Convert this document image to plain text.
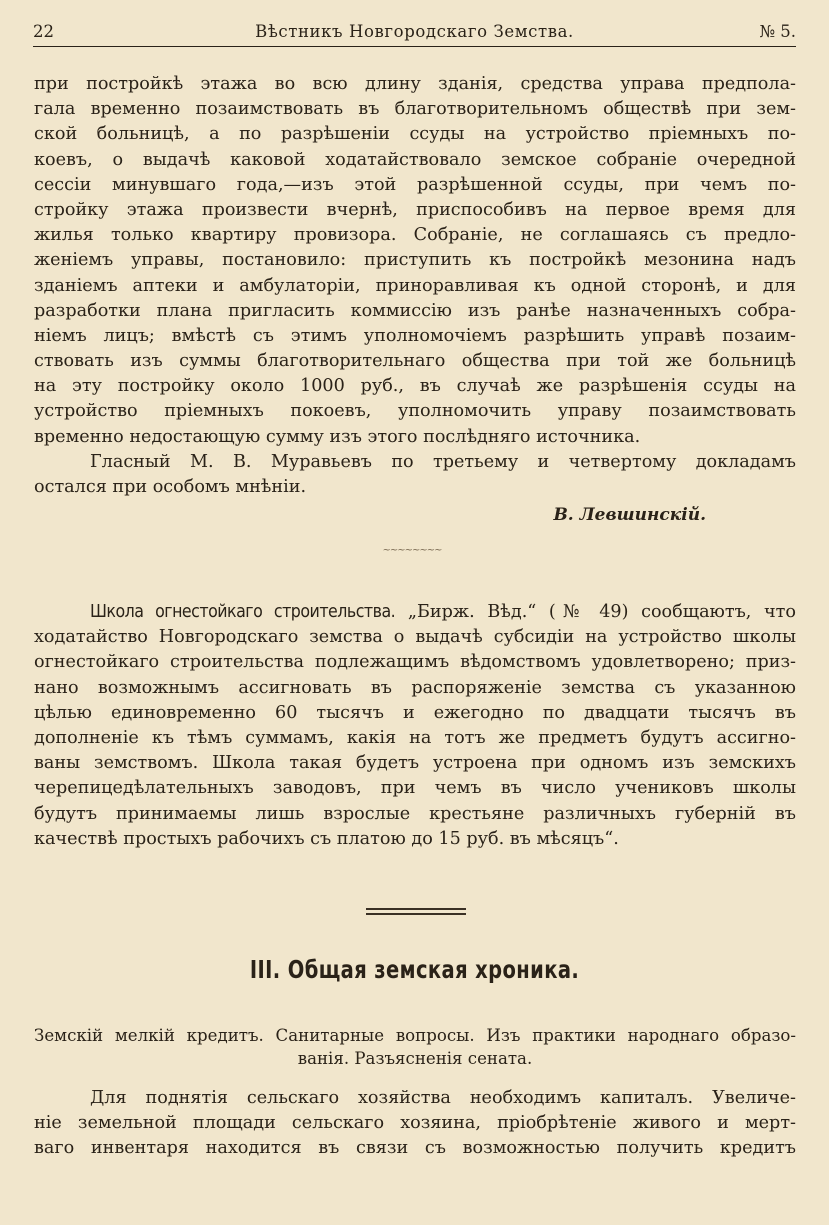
22	Вѣстникъ Новгородскаго Земства.	№ 5.
при постройкѣ этажа во всю длину зданія, средства управа предпола-
гала временно позаимствовать въ благотворительномъ обществѣ при зем-
ской больницѣ, а по разрѣшеніи ссуды на устройство пріемныхъ по-
коевъ, о выдачѣ каковой ходатайствовало земское собраніе очередной
сессіи минувшаго года,—изъ этой разрѣшенной ссуды, при чемъ по-
стройку этажа произвести вчернѣ, приспособивъ на первое время для
жилья только квартиру провизора. Собраніе, не соглашаясь съ предло-
женіемъ управы, постановило: приступить къ постройкѣ мезонина надъ
зданіемъ аптеки и амбулаторіи, приноравливая къ одной сторонѣ, и для
разработки плана пригласить коммиссію изъ ранѣе назначенныхъ собра-
ніемъ лицъ; вмѣстѣ съ этимъ уполномочіемъ разрѣшить управѣ позаим-
ствовать изъ суммы благотворительнаго общества при той же больницѣ
на эту постройку около 1000 руб., въ случаѣ же разрѣшенія ссуды на
устройство пріемныхъ покоевъ, уполномочить управу позаимствовать
временно недостающую сумму изъ этого послѣдняго источника.
Гласный М. В. Муравьевъ по третьему и четвертому докладамъ
остался при особомъ мнѣніи.
В. Левшинскій.
~~~~~~~~
Школа огнестойкаго строительства. „Бирж. Вѣд.“ (№ 49) сообщаютъ, что
ходатайство Новгородскаго земства о выдачѣ субсидіи на устройство школы
огнестойкаго строительства подлежащимъ вѣдомствомъ удовлетворено; приз-
нано возможнымъ ассигновать въ распоряженіе земства съ указанною
цѣлью единовременно 60 тысячъ и ежегодно по двадцати тысячъ въ
дополненіе къ тѣмъ суммамъ, какія на тотъ же предметъ будутъ ассигно-
ваны земствомъ. Школа такая будетъ устроена при одномъ изъ земскихъ
черепицедѣлательныхъ заводовъ, при чемъ въ число учениковъ школы
будутъ принимаемы лишь взрослые крестьяне различныхъ губерній въ
качествѣ простыхъ рабочихъ съ платою до 15 руб. въ мѣсяцъ“.
III. Общая земская хроника.
Земскій мелкій кредитъ. Санитарные вопросы. Изъ практики народнаго образо-
ванія. Разъясненія сената.
Для поднятія сельскаго хозяйства необходимъ капиталъ. Увеличе-
ніе земельной площади сельскаго хозяина, пріобрѣтеніе живого и мерт-
ваго инвентаря находится въ связи съ возможностью получить кредитъ
